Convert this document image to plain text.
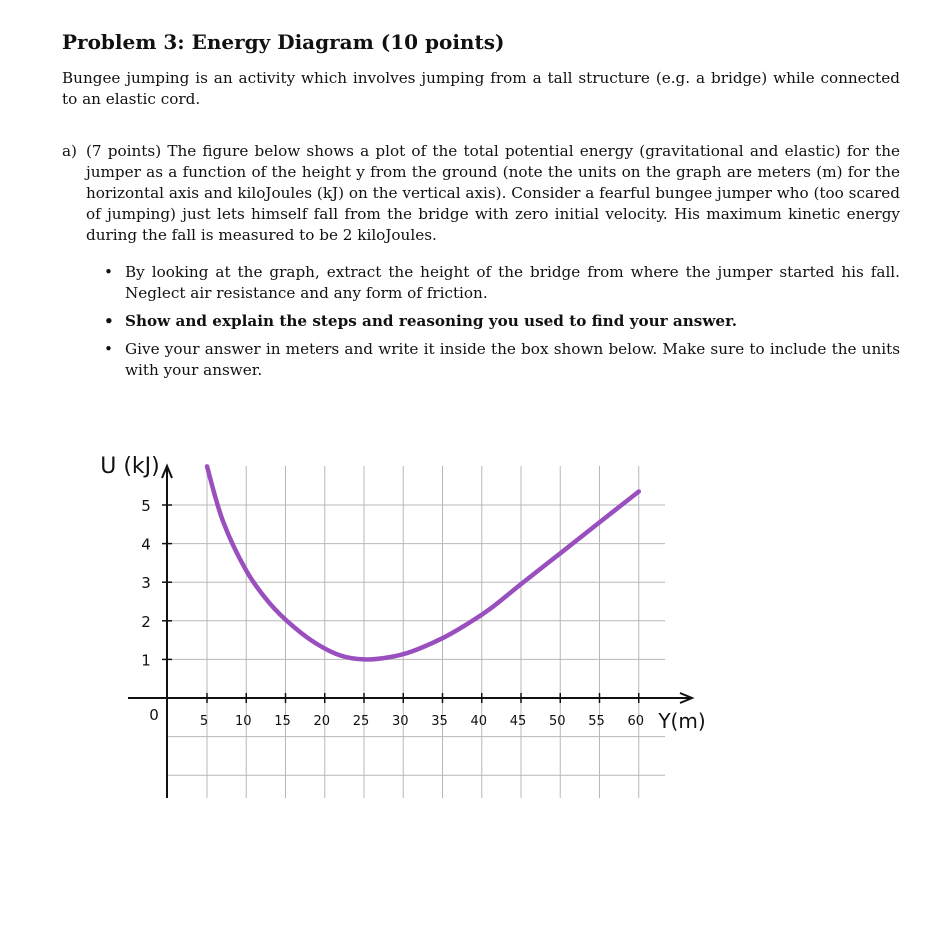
Problem 3: Energy Diagram (10 points)

Bungee jumping is an activity which involves jumping from a tall structure (e.g. a bridge) while connected to an elastic cord.

a) (7 points) The figure below shows a plot of the total potential energy (gravitational and elastic) for the jumper as a function of the height y from the ground (note the units on the graph are meters (m) for the horizontal axis and kiloJoules (kJ) on the vertical axis). Consider a fearful bungee jumper who (too scared of jumping) just lets himself fall from the bridge with zero initial velocity. His maximum kinetic energy during the fall is measured to be 2 kiloJoules.
• By looking at the graph, extract the height of the bridge from where the jumper started his fall. Neglect air resistance and any form of friction.
• Show and explain the steps and reasoning you used to find your answer.
• Give your answer in meters and write it inside the box shown below. Make sure to include the units with your answer.
1
2
3
4
5
5 10 15 20 25 30 35 40 45 50 55 60
0
U (kJ)
Y(m)
